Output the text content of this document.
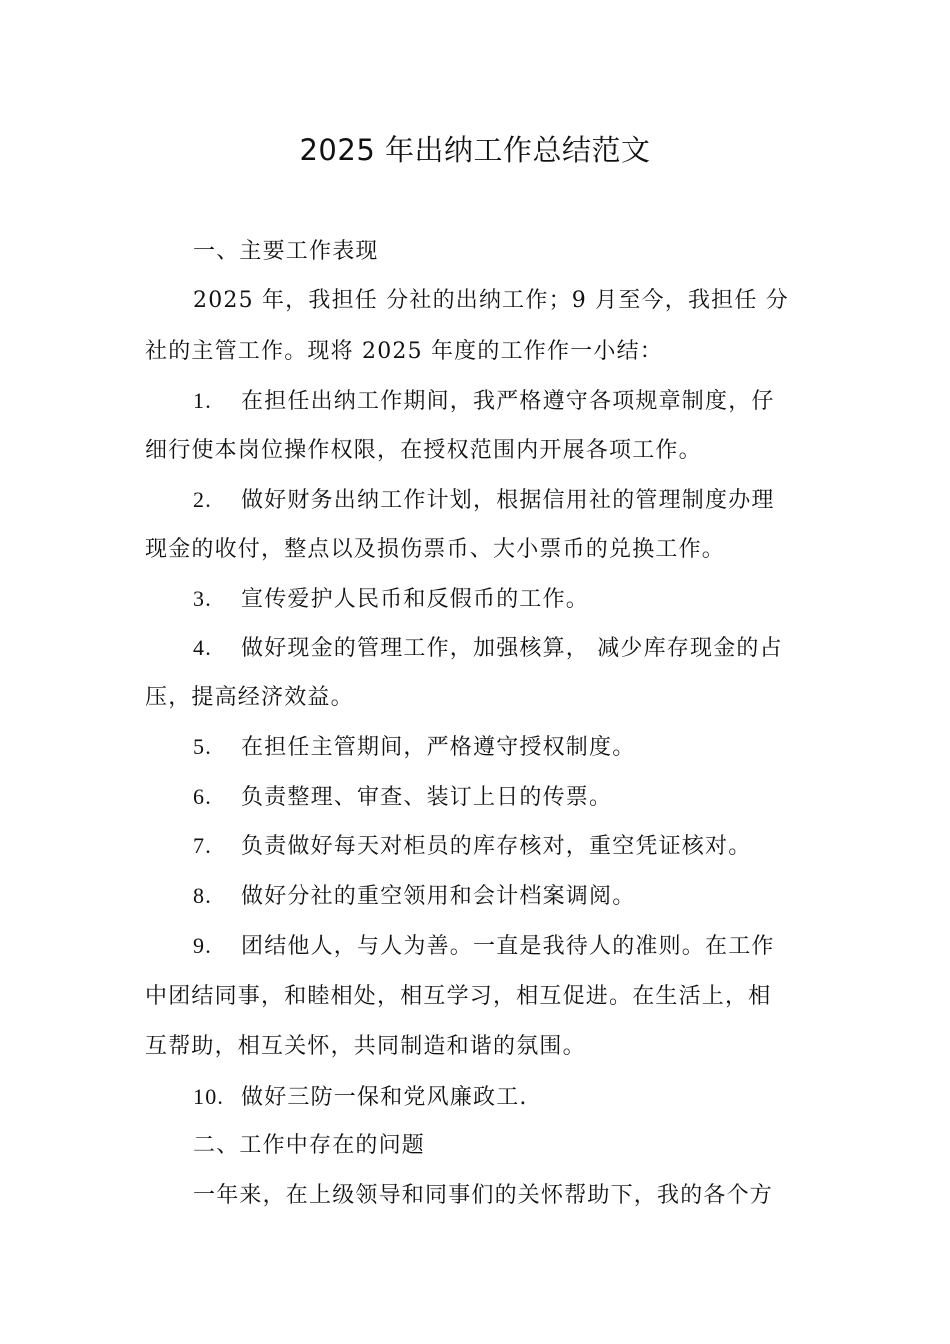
2025 年出纳工作总结范文
一、主要工作表现
2025 年，我担任 分社的出纳工作；9 月至今，我担任 分
社的主管工作。现将 2025 年度的工作作一小结：
1. 在担任出纳工作期间，我严格遵守各项规章制度，仔
细行使本岗位操作权限，在授权范围内开展各项工作。
2. 做好财务出纳工作计划，根据信用社的管理制度办理
现金的收付，整点以及损伤票币、大小票币的兑换工作。
3. 宣传爱护人民币和反假币的工作。
4. 做好现金的管理工作，加强核算， 减少库存现金的占
压，提高经济效益。
5. 在担任主管期间，严格遵守授权制度。
6. 负责整理、审查、装订上日的传票。
7. 负责做好每天对柜员的库存核对，重空凭证核对。
8. 做好分社的重空领用和会计档案调阅。
9. 团结他人，与人为善。一直是我待人的准则。在工作
中团结同事，和睦相处，相互学习，相互促进。在生活上，相
互帮助，相互关怀，共同制造和谐的氛围。
10. 做好三防一保和党风廉政工.
二、工作中存在的问题
一年来，在上级领导和同事们的关怀帮助下，我的各个方
